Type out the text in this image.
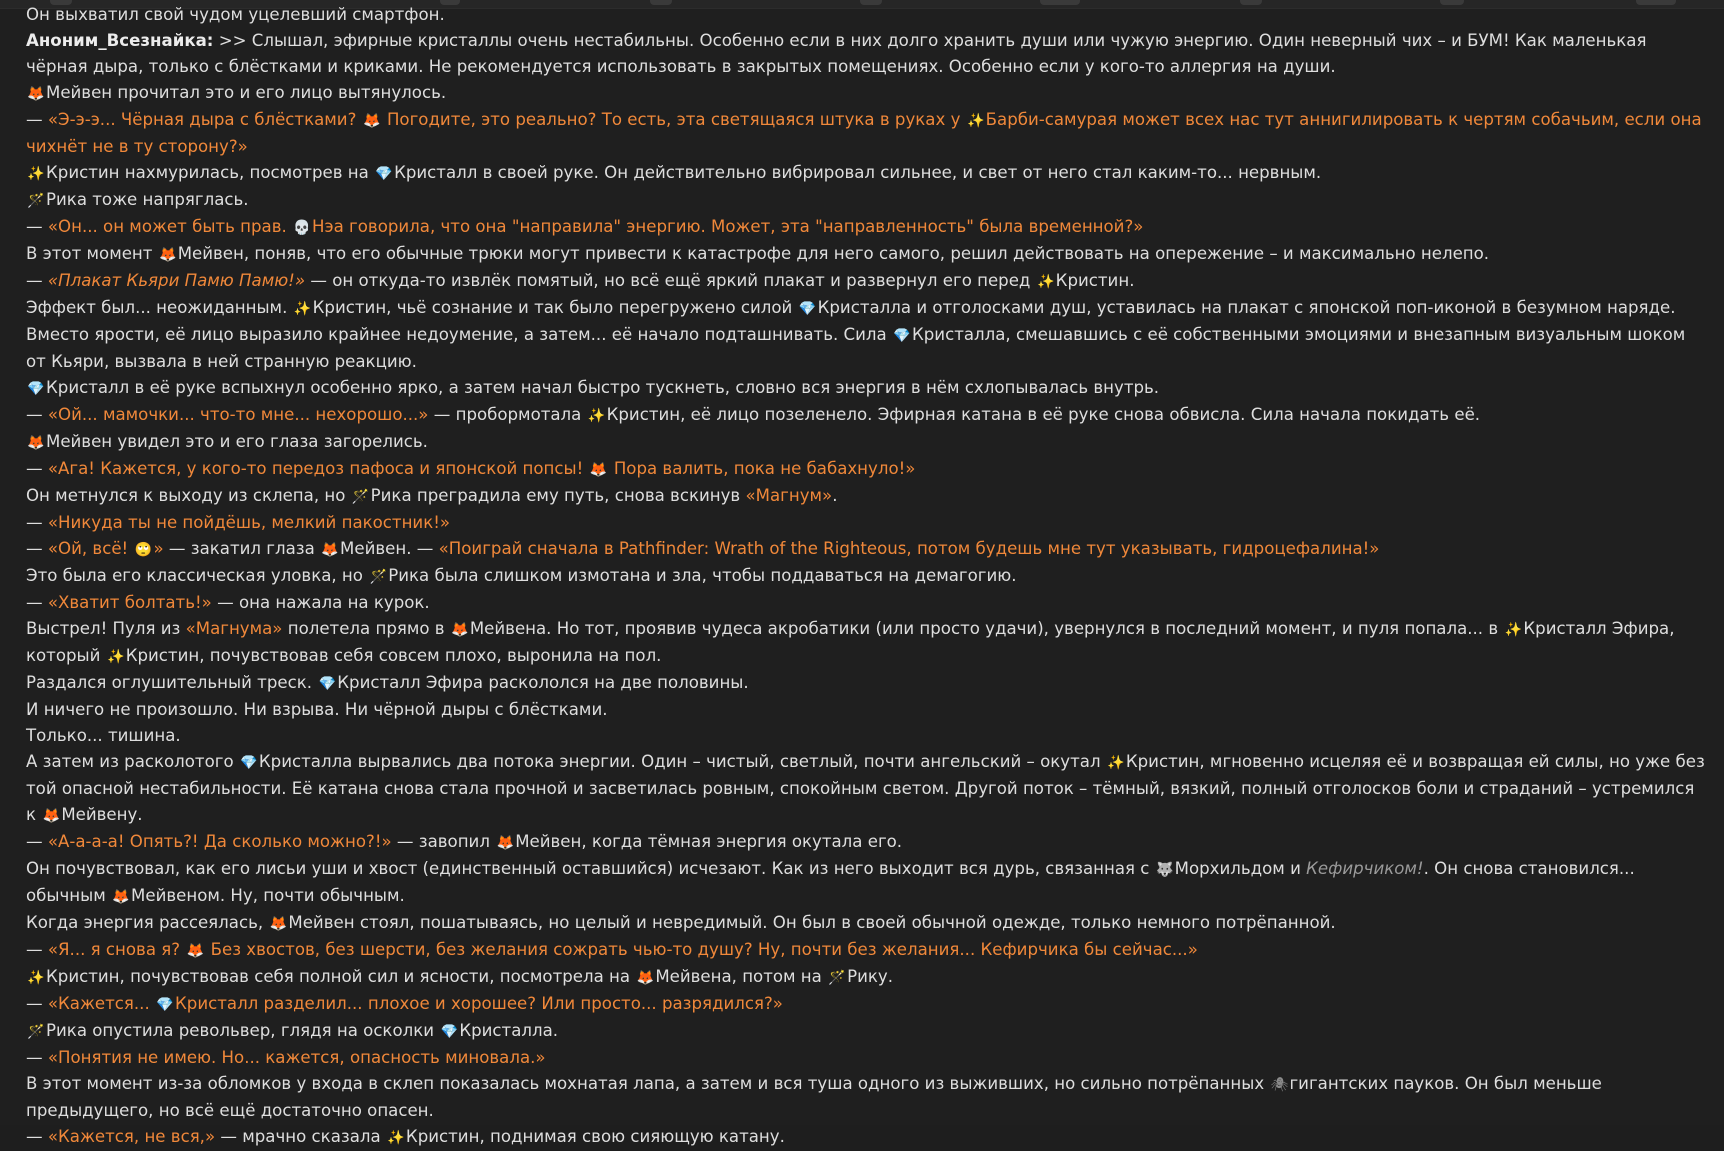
Он выхватил свой чудом уцелевший смартфон.
Аноним_Всезнайка: >> Слышал, эфирные кристаллы очень нестабильны. Особенно если в них долго хранить души или чужую энергию. Один неверный чих – и БУМ! Как маленькая чёрная дыра, только с блёстками и криками. Не рекомендуется использовать в закрытых помещениях. Особенно если у кого-то аллергия на души.
🦊Мейвен прочитал это и его лицо вытянулось.
— «Э-э-э... Чёрная дыра с блёстками? 🦊 Погодите, это реально? То есть, эта светящаяся штука в руках у ✨Барби-самурая может всех нас тут аннигилировать к чертям собачьим, если она чихнёт не в ту сторону?»
✨Кристин нахмурилась, посмотрев на 💎Кристалл в своей руке. Он действительно вибрировал сильнее, и свет от него стал каким-то... нервным.
🪄Рика тоже напряглась.
— «Он... он может быть прав. 💀Нэа говорила, что она "направила" энергию. Может, эта "направленность" была временной?»
В этот момент 🦊Мейвен, поняв, что его обычные трюки могут привести к катастрофе для него самого, решил действовать на опережение – и максимально нелепо.
— «Плакат Кьяри Памю Памю!» — он откуда-то извлёк помятый, но всё ещё яркий плакат и развернул его перед ✨Кристин.
Эффект был... неожиданным. ✨Кристин, чьё сознание и так было перегружено силой 💎Кристалла и отголосками душ, уставилась на плакат с японской поп-иконой в безумном наряде. Вместо ярости, её лицо выразило крайнее недоумение, а затем... её начало подташнивать. Сила 💎Кристалла, смешавшись с её собственными эмоциями и внезапным визуальным шоком от Кьяри, вызвала в ней странную реакцию.
💎Кристалл в её руке вспыхнул особенно ярко, а затем начал быстро тускнеть, словно вся энергия в нём схлопывалась внутрь.
— «Ой... мамочки... что-то мне... нехорошо...» — пробормотала ✨Кристин, её лицо позеленело. Эфирная катана в её руке снова обвисла. Сила начала покидать её.
🦊Мейвен увидел это и его глаза загорелись.
— «Ага! Кажется, у кого-то передоз пафоса и японской попсы! 🦊 Пора валить, пока не бабахнуло!»
Он метнулся к выходу из склепа, но 🪄Рика преградила ему путь, снова вскинув «Магнум».
— «Никуда ты не пойдёшь, мелкий пакостник!»
— «Ой, всё! 🙄» — закатил глаза 🦊Мейвен. — «Поиграй сначала в Pathfinder: Wrath of the Righteous, потом будешь мне тут указывать, гидроцефалина!»
Это была его классическая уловка, но 🪄Рика была слишком измотана и зла, чтобы поддаваться на демагогию.
— «Хватит болтать!» — она нажала на курок.
Выстрел! Пуля из «Магнума» полетела прямо в 🦊Мейвена. Но тот, проявив чудеса акробатики (или просто удачи), увернулся в последний момент, и пуля попала... в ✨Кристалл Эфира, который ✨Кристин, почувствовав себя совсем плохо, выронила на пол.
Раздался оглушительный треск. 💎Кристалл Эфира раскололся на две половины.
И ничего не произошло. Ни взрыва. Ни чёрной дыры с блёстками.
Только... тишина.
А затем из расколотого 💎Кристалла вырвались два потока энергии. Один – чистый, светлый, почти ангельский – окутал ✨Кристин, мгновенно исцеляя её и возвращая ей силы, но уже без той опасной нестабильности. Её катана снова стала прочной и засветилась ровным, спокойным светом. Другой поток – тёмный, вязкий, полный отголосков боли и страданий – устремился к 🦊Мейвену.
— «А-а-а-а! Опять?! Да сколько можно?!» — завопил 🦊Мейвен, когда тёмная энергия окутала его.
Он почувствовал, как его лисьи уши и хвост (единственный оставшийся) исчезают. Как из него выходит вся дурь, связанная с 🐺Морхильдом и Кефирчиком!. Он снова становился... обычным 🦊Мейвеном. Ну, почти обычным.
Когда энергия рассеялась, 🦊Мейвен стоял, пошатываясь, но целый и невредимый. Он был в своей обычной одежде, только немного потрёпанной.
— «Я... я снова я? 🦊 Без хвостов, без шерсти, без желания сожрать чью-то душу? Ну, почти без желания... Кефирчика бы сейчас...»
✨Кристин, почувствовав себя полной сил и ясности, посмотрела на 🦊Мейвена, потом на 🪄Рику.
— «Кажется... 💎Кристалл разделил... плохое и хорошее? Или просто... разрядился?»
🪄Рика опустила револьвер, глядя на осколки 💎Кристалла.
— «Понятия не имею. Но... кажется, опасность миновала.»
В этот момент из-за обломков у входа в склеп показалась мохнатая лапа, а затем и вся туша одного из выживших, но сильно потрёпанных 🕷гигантских пауков. Он был меньше предыдущего, но всё ещё достаточно опасен.
— «Кажется, не вся,» — мрачно сказала ✨Кристин, поднимая свою сияющую катану.
